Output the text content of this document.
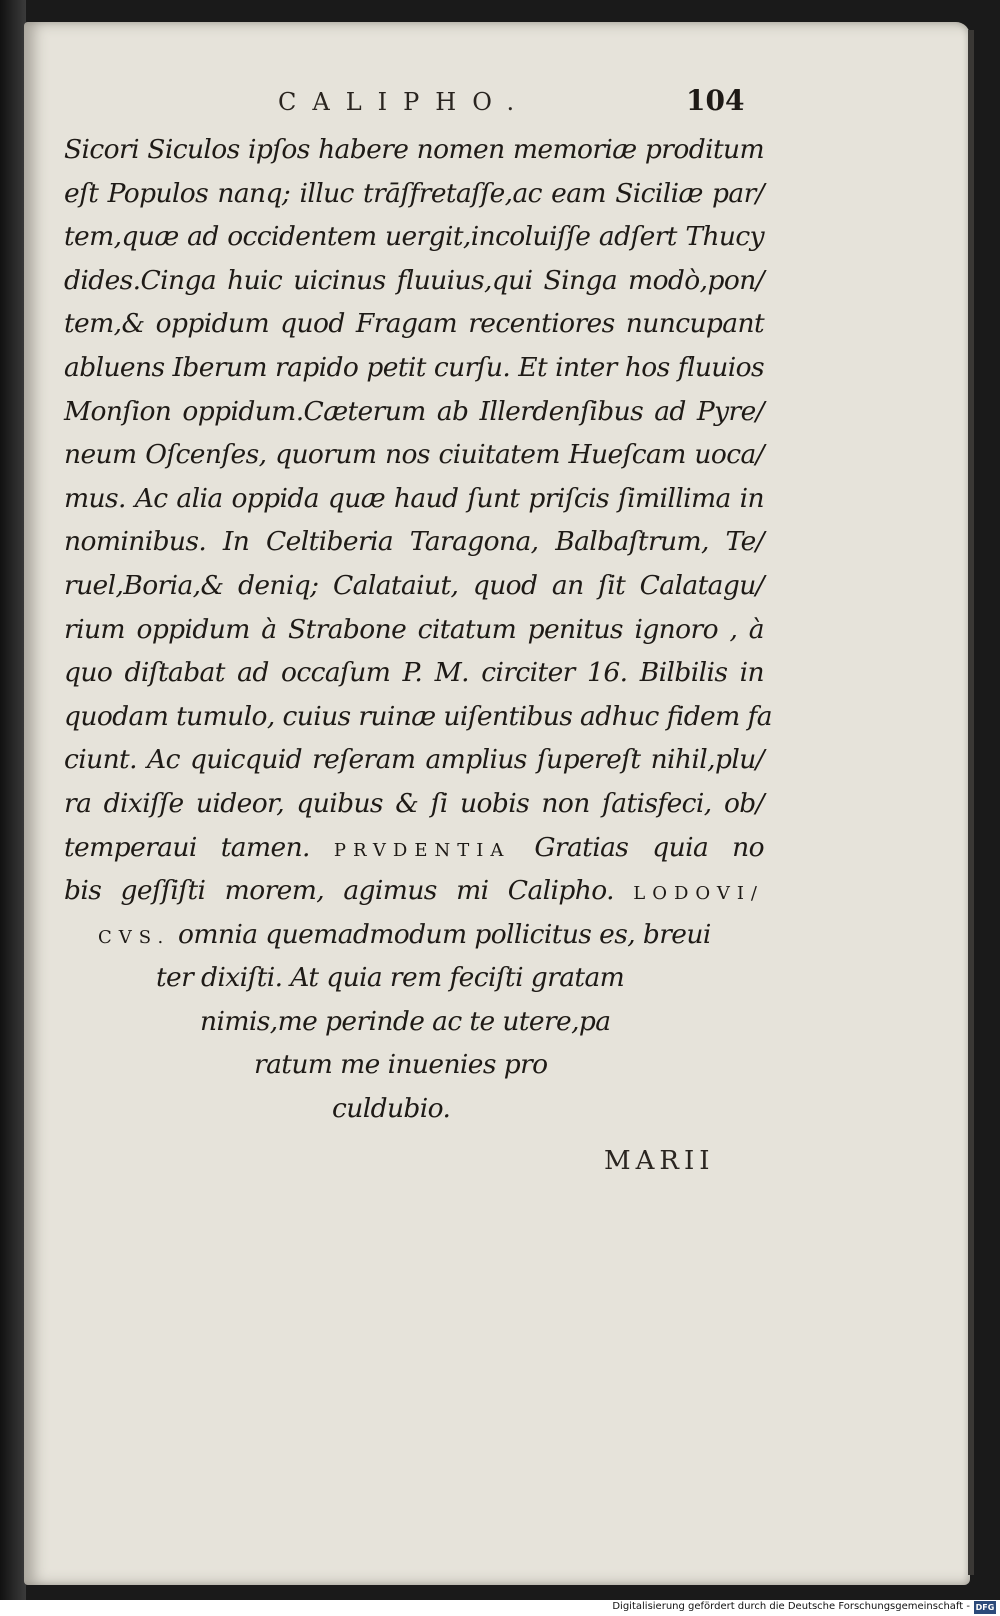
CALIPHO.	104
Sicori Siculos ipſos habere nomen memoriæ proditum
eſt Populos nanq; illuc trāſfretaſſe,ac eam Siciliæ par/
tem,quæ ad occidentem uergit,incoluiſſe adſert Thucy
dides.Cinga huic uicinus fluuius,qui Singa modò,pon/
tem,& oppidum quod Fragam recentiores nuncupant
abluens Iberum rapido petit curſu. Et inter hos fluuios
Monſion oppidum.Cæterum ab Illerdenſibus ad Pyre/
neum Oſcenſes, quorum nos ciuitatem Hueſcam uoca/
mus. Ac alia oppida quæ haud ſunt priſcis ſimillima in
nominibus. In Celtiberia Taragona, Balbaſtrum, Te/
ruel,Boria,& deniq; Calataiut, quod an ſit Calatagu/
rium oppidum à Strabone citatum penitus ignoro , à
quo diſtabat ad occaſum P. M. circiter 16. Bilbilis in
quodam tumulo, cuius ruinæ uiſentibus adhuc fidem fa
ciunt. Ac quicquid reſeram amplius ſupereſt nihil,plu/
ra dixiſſe uideor, quibus & ſi uobis non ſatisfeci, ob/
temperaui tamen. PRVDENTIA Gratias quia no
bis geſſiſti morem, agimus mi Calipho. LODOVI/
CVS. omnia quemadmodum pollicitus es, breui
ter dixiſti. At quia rem feciſti gratam
nimis,me perinde ac te utere,pa
ratum me inuenies pro
culdubio.
MARII
Digitalisierung gefördert durch die Deutsche Forschungsgemeinschaft - DFG
